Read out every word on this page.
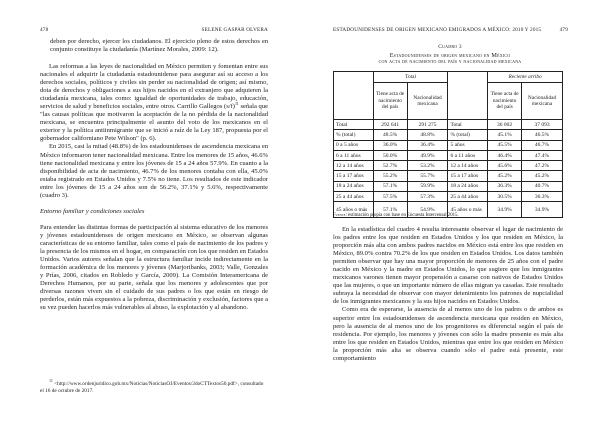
478	SELENE GASPAR OLVERA
deben por derecho, ejercer los ciudadanos. El ejercicio pleno de estos derechos en conjunto constituye la ciudadanía (Martínez Morales, 2009: 12).

Las reformas a las leyes de nacionalidad en México permiten y fomentan entre sus nacionales el adquirir la ciudadanía estadounidense para asegurar así su acceso a los derechos sociales, políticos y civiles sin perder su nacionalidad de origen; así mismo, dota de derechos y obligaciones a sus hijos nacidos en el extranjero que adquieren la ciudadanía mexicana, tales como: igualdad de oportunidades de trabajo, educación, servicios de salud y beneficios sociales, entre otros. Carrillo Gallegos $(s/f)^{11}$ señala que "las causas políticas que motivaron la aceptación de la no pérdida de la nacionalidad mexicana, se encuentra principalmente el asunto del voto de los mexicanos en el exterior y la política antiinmigrante que se inició a raíz de la Ley 187, propuesta por el gobernador californiano Pete Wilson" (p. 6).

En 2015, casi la mitad (48.8%) de los estadounidenses de ascendencia mexicana en México informaron tener nacionalidad mexicana. Entre los menores de 15 años, 46.6% tiene nacionalidad mexicana y entre los jóvenes de 15 a 24 años 57.9%. En cuanto a la disponibilidad de acta de nacimiento, 46.7% de los menores contaba con ella, 45.0% estaba registrado en Estados Unidos y 7.5% no tiene. Los resultados de este indicador entre los jóvenes de 15 a 24 años son de 56.2%, 37.1% y 5.6%, respectivamente (cuadro 3).

Entorno familiar y condiciones sociales

Para entender las distintas formas de participación al sistema educativo de los menores y jóvenes estadounidenses de origen mexicano en México, se observan algunas características de su entorno familiar, tales como el país de nacimiento de los padres y la presencia de los mismos en el hogar, en comparación con los que residen en Estados Unidos. Varios autores señalan que la estructura familiar incide indirectamente en la formación académica de los menores y jóvenes (Marjoribanks, 2003; Valle, Gonzales y Prías, 2006, citados en Robledo y García, 2009). La Comisión Interamericana de Derechos Humanos, por su parte, señala que los menores y adolescentes que por diversas razones viven sin el cuidado de sus padres o los que están en riesgo de perderlos, están más expuestos a la pobreza, discriminación y exclusión, factores que a su vez pueden hacerlos más vulnerables al abuso, la explotación y al abandono.

$^{11}$ <http://www.ordenjuridico.gob.mx/Noticias/NoticiasOJ/Eventos/2doCTTextos50.pdf>, consultado el 16 de octubre de 2017.

ESTADOUNIDENSES DE ORIGEN MEXICANO EMIGRADOS A MÉXICO: 2010 Y 2015	479
Cuadro 3
Estadounidenses de origen mexicano en México
con acta de nacimiento del país y nacionalidad mexicana
	Total			Reciente arribo	
	Tiene acta de nacimiento del país	Nacionalidad mexicana		Tiene acta de nacimiento del país	Nacionalidad mexicana
Total	292 641	291 275	Total	36 002	37 093
% (total)	48.5%	48.8%	% (total)	45.1%	46.5%
0 a 5 años	36.0%	36.4%	5 años	45.5%	46.7%
6 a 11 años	50.0%	49.9%	6 a 11 años	46.4%	47.4%
12 a 14 años	52.7%	53.2%	12 a 14 años	45.6%	47.2%
15 a 17 años	55.2%	55.7%	15 a 17 años	45.2%	45.2%
18 a 24 años	57.1%	59.9%	18 a 24 años	36.3%	40.7%
25 a 44 años	57.5%	57.3%	25 a 44 años	30.5%	36.3%
45 años o más	57.1%	54.9%	45 años o más	34.9%	34.9%
Fuente: estimación propia con base en Encuesta Intercensal 2015.

En la estadística del cuadro 4 resulta interesante observar el lugar de nacimiento de los padres entre los que residen en Estados Unidos y los que residen en México, la proporción más alta con ambos padres nacidos en México está entre los que residen en México, 89.0% contra 70.2% de los que residen en Estados Unidos. Los datos también permiten observar que hay una mayor proporción de menores de 25 años con el padre nacido en México y la madre en Estados Unidos, lo que sugiere que los inmigrantes mexicanos varones tienen mayor propensión a casarse con nativos de Estados Unidos que las mujeres, o que un importante número de ellas migran ya casadas. Este resultado subraya la necesidad de observar con mayor detenimiento los patrones de nupcialidad de los inmigrantes mexicanos y la sus hijos nacidos en Estados Unidos.

Como era de esperarse, la ausencia de al menos uno de los padres o de ambos es superior entre los estadounidenses de ascendencia mexicana que residen en México, pero la ausencia de al menos uno de los progenitores es diferencial según el país de residencia. Por ejemplo, los menores y jóvenes con sólo la madre presente es más alta entre los que residen en Estados Unidos, mientras que entre los que residen en México la proporción más alta se observa cuando sólo el padre está presente, este comportamiento
